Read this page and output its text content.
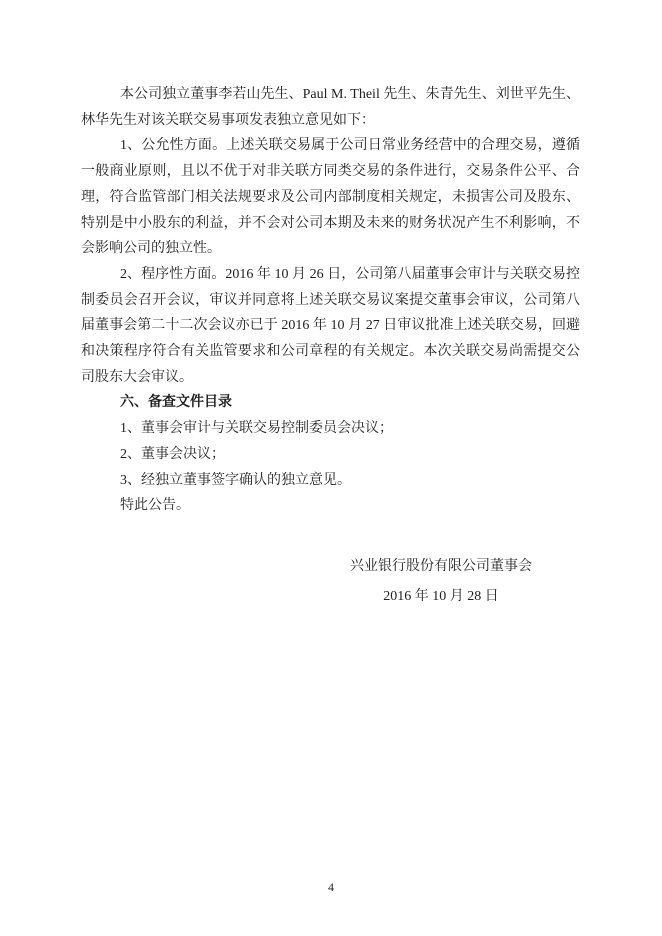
本公司独立董事李若山先生、Paul M. Theil 先生、朱青先生、刘世平先生、林华先生对该关联交易事项发表独立意见如下：

1、公允性方面。上述关联交易属于公司日常业务经营中的合理交易，遵循一般商业原则，且以不优于对非关联方同类交易的条件进行，交易条件公平、合理，符合监管部门相关法规要求及公司内部制度相关规定，未损害公司及股东、特别是中小股东的利益，并不会对公司本期及未来的财务状况产生不利影响，不会影响公司的独立性。

2、程序性方面。2016 年 10 月 26 日，公司第八届董事会审计与关联交易控制委员会召开会议，审议并同意将上述关联交易议案提交董事会审议，公司第八届董事会第二十二次会议亦已于 2016 年 10 月 27 日审议批准上述关联交易，回避和决策程序符合有关监管要求和公司章程的有关规定。本次关联交易尚需提交公司股东大会审议。

六、备查文件目录

1、董事会审计与关联交易控制委员会决议；

2、董事会决议；

3、经独立董事签字确认的独立意见。

特此公告。

兴业银行股份有限公司董事会
2016 年 10 月 28 日
4
